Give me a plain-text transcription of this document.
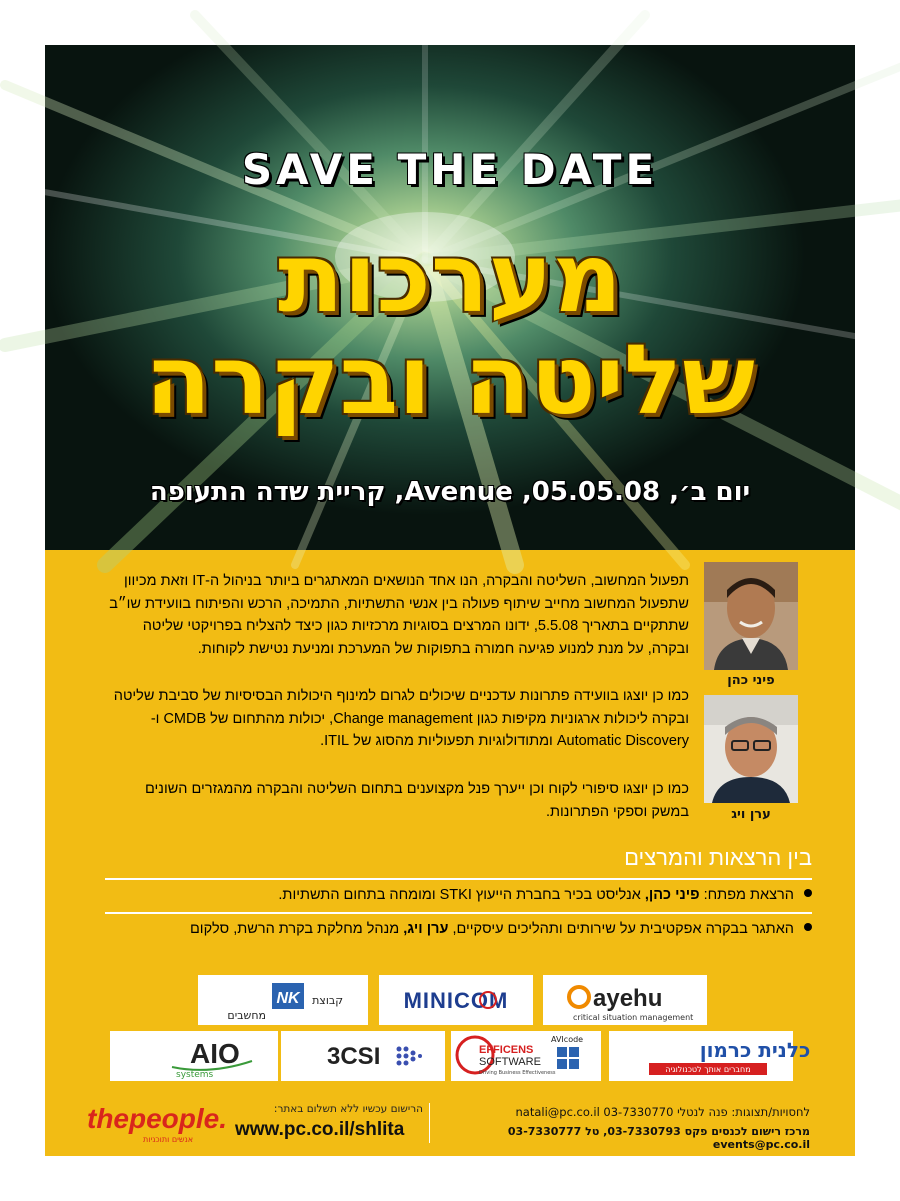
SAVE THE DATE
מערכות
שליטה ובקרה
יום ב׳, 05.05.08, Avenue, קריית שדה התעופה
פיני כהן
ערן ויג
תפעול המחשוב, השליטה והבקרה, הנו אחד הנושאים המאתגרים ביותר בניהול ה-IT וזאת מכיוון שתפעול המחשוב מחייב שיתוף פעולה בין אנשי התשתיות, התמיכה, הרכש והפיתוח בוועידת שו״ב שתתקיים בתאריך 5.5.08, ידונו המרצים בסוגיות מרכזיות כגון כיצד להצליח בפרויקטי שליטה ובקרה, על מנת למנוע פגיעה חמורה בתפוקות של המערכת ומניעת נטישת לקוחות.
כמו כן יוצגו בוועידה פתרונות עדכניים שיכולים לגרום למינוף היכולות הבסיסיות של סביבת שליטה ובקרה ליכולות ארגוניות מקיפות כגון Change management, יכולות מהתחום של CMDB ו- Automatic Discovery ומתודולוגיות תפעוליות מהסוג של ITIL.
כמו כן יוצגו סיפורי לקוח וכן ייערך פנל מקצוענים בתחום השליטה והבקרה מהמגזרים השונים במשק וספקי הפתרונות.
בין הרצאות והמרצים
הרצאת מפתח: פיני כהן, אנליסט בכיר בחברת הייעוץ STKI ומומחה בתחום התשתיות.
האתגר בבקרה אפקטיבית על שירותים ותהליכים עיסקיים, ערן ויג, מנהל מחלקת בקרת הרשת, סלקום
קבוצת
NK
מחשבים
MINICOM	ayehu
critical situation management
AIO
systems
3CSI	EFFICENS
SOFTWARE
Driving Business Effectiveness
AVIcode	כלנית כרמון
מחברים אותך לטכנולוגיה
thepeople.
אנשים ותוכניות
הרישום עכשיו ללא תשלום באתר:
www.pc.co.il/shlita
לחסויות/תצוגות: פנה לנטלי 03-7330770 natali@pc.co.il
מרכז רישום לכנסים פקס 03-7330793, טל 03-7330777 events@pc.co.il
